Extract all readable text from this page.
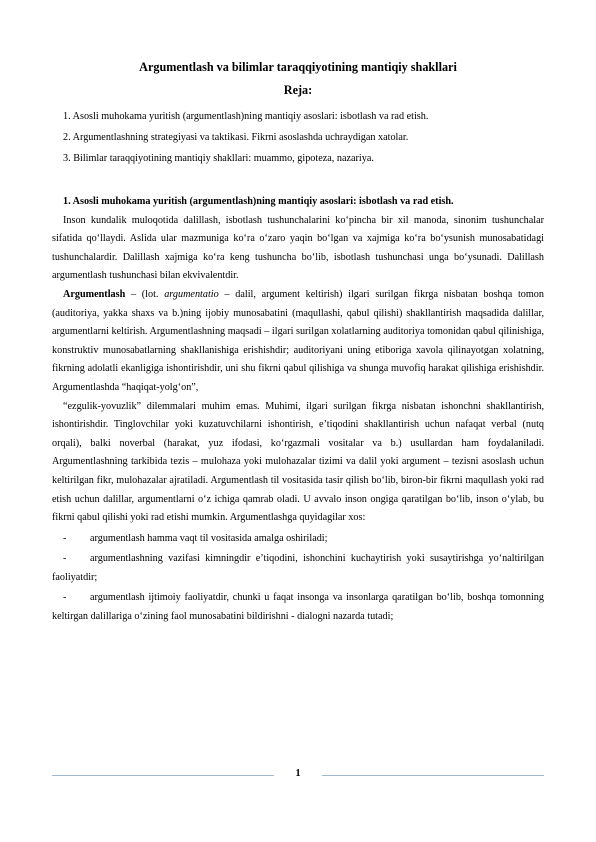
Argumentlash va bilimlar taraqqiyotining mantiqiy shakllari
Reja:
1. Asosli muhokama yuritish (argumentlash)ning mantiqiy asoslari: isbotlash va rad etish.
2. Argumentlashning strategiyasi va taktikasi. Fikrni asoslashda uchraydigan xatolar.
3. Bilimlar taraqqiyotining mantiqiy shakllari: muammo, gipoteza, nazariya.

1. Asosli muhokama yuritish (argumentlash)ning mantiqiy asoslari: isbotlash va rad etish.

Inson kundalik muloqotida dalillash, isbotlash tushunchalarini ko‘pincha bir xil manoda, sinonim tushunchalar sifatida qo‘llaydi. Aslida ular mazmuniga ko‘ra o‘zaro yaqin bo‘lgan va xajmiga ko‘ra bo‘ysunish munosabatidagi tushunchalardir. Dalillash xajmiga ko‘ra keng tushuncha bo‘lib, isbotlash tushunchasi unga bo‘ysunadi. Dalillash argumentlash tushunchasi bilan ekvivalentdir.

Argumentlash – (lot. argumentatio – dalil, argument keltirish) ilgari surilgan fikrga nisbatan boshqa tomon (auditoriya, yakka shaxs va b.)ning ijobiy munosabatini (maqullashi, qabul qilishi) shakllantirish maqsadida dalillar, argumentlarni keltirish. Argumentlashning maqsadi – ilgari surilgan xolatlarning auditoriya tomonidan qabul qilinishiga, konstruktiv munosabatlarning shakllanishiga erishishdir; auditoriyani uning etiboriga xavola qilinayotgan xolatning, fikrning adolatli ekanligiga ishontirishdir, uni shu fikrni qabul qilishiga va shunga muvofiq harakat qilishiga erishishdir. Argumentlashda “haqiqat-yolg‘on”,

“ezgulik-yovuzlik” dilemmalari muhim emas. Muhimi, ilgari surilgan fikrga nisbatan ishonchni shakllantirish, ishontirishdir. Tinglovchilar yoki kuzatuvchilarni ishontirish, e’tiqodini shakllantirish uchun nafaqat verbal (nutq orqali), balki noverbal (harakat, yuz ifodasi, ko‘rgazmali vositalar va b.) usullardan ham foydalaniladi. Argumentlashning tarkibida tezis – mulohaza yoki mulohazalar tizimi va dalil yoki argument – tezisni asoslash uchun keltirilgan fikr, mulohazalar ajratiladi. Argumentlash til vositasida tasir qilish bo‘lib, biron-bir fikrni maqullash yoki rad etish uchun dalillar, argumentlarni o‘z ichiga qamrab oladi. U avvalo inson ongiga qaratilgan bo‘lib, inson o‘ylab, bu fikrni qabul qilishi yoki rad etishi mumkin. Argumentlashga quyidagilar xos:

-	argumentlash hamma vaqt til vositasida amalga oshiriladi;
- argumentlashning vazifasi kimningdir e’tiqodini, ishonchini kuchaytirish yoki susaytirishga yo‘naltirilgan faoliyatdir;
- argumentlash ijtimoiy faoliyatdir, chunki u faqat insonga va insonlarga qaratilgan bo‘lib, boshqa tomonning keltirgan dalillariga o‘zining faol munosabatini bildirishni - dialogni nazarda tutadi;
1
